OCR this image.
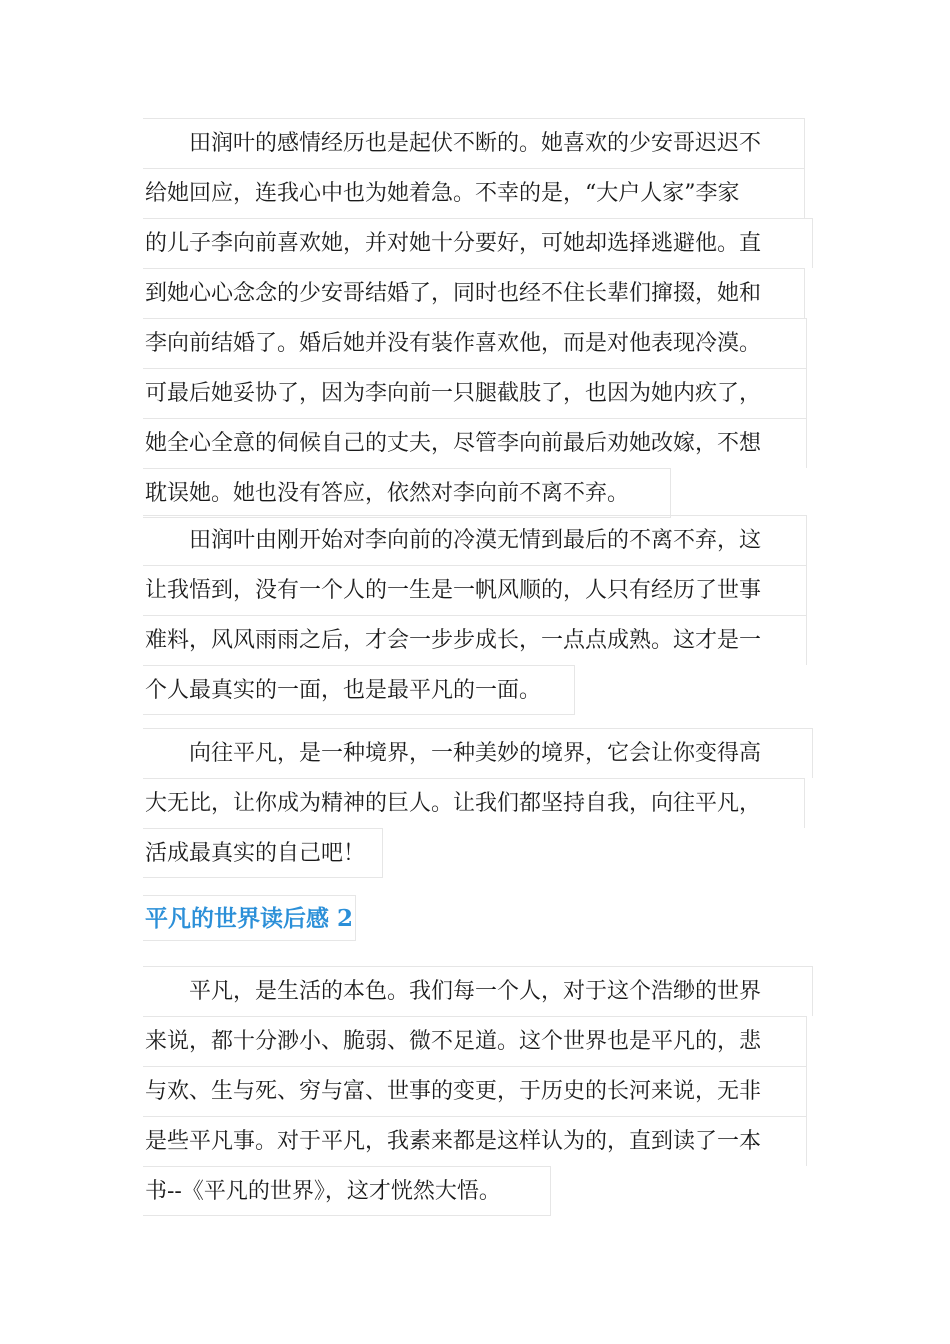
　　田润叶的感情经历也是起伏不断的。她喜欢的少安哥迟迟不
给她回应，连我心中也为她着急。不幸的是，“大户人家”李家
的儿子李向前喜欢她，并对她十分要好，可她却选择逃避他。直
到她心心念念的少安哥结婚了，同时也经不住长辈们撺掇，她和
李向前结婚了。婚后她并没有装作喜欢他，而是对他表现冷漠。
可最后她妥协了，因为李向前一只腿截肢了，也因为她内疚了，
她全心全意的伺候自己的丈夫，尽管李向前最后劝她改嫁，不想
耽误她。她也没有答应，依然对李向前不离不弃。
　　田润叶由刚开始对李向前的冷漠无情到最后的不离不弃，这
让我悟到，没有一个人的一生是一帆风顺的，人只有经历了世事
难料，风风雨雨之后，才会一步步成长，一点点成熟。这才是一
个人最真实的一面，也是最平凡的一面。
　　向往平凡，是一种境界，一种美妙的境界，它会让你变得高
大无比，让你成为精神的巨人。让我们都坚持自我，向往平凡，
活成最真实的自己吧！
平凡的世界读后感 2
　　平凡，是生活的本色。我们每一个人，对于这个浩缈的世界
来说，都十分渺小、脆弱、微不足道。这个世界也是平凡的，悲
与欢、生与死、穷与富、世事的变更，于历史的长河来说，无非
是些平凡事。对于平凡，我素来都是这样认为的，直到读了一本
书--《平凡的世界》，这才恍然大悟。
